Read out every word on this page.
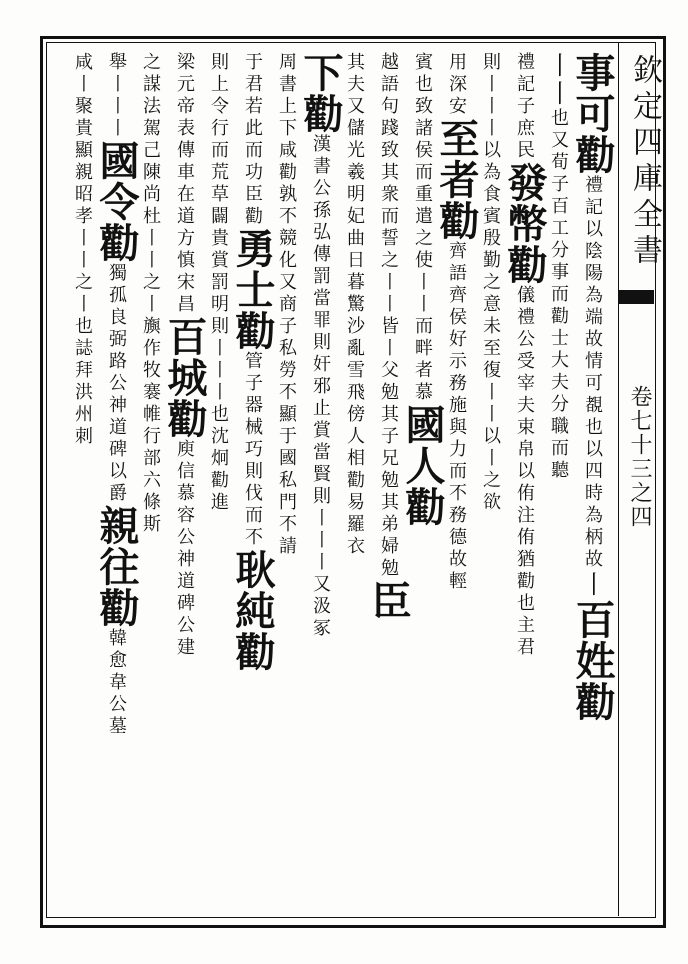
欽定四庫全書
卷七十三之四
事可勸禮記以陰陽為端故情可覩也以四時為柄故丨百姓勸
丨丨也又荀子百工分事而勸士大夫分職而聽
禮記子庶民發幣勸儀禮公受宰夫束帛以侑注侑猶勸也主君
則丨丨丨以為食賓殷勤之意未至復丨丨以丨之欲
用深安至者勸齊語齊侯好示務施與力而不務德故輕
賓也致諸侯而重遣之使丨丨而畔者慕國人勸
越語句踐致其衆而誓之丨丨皆丨父勉其子兄勉其弟婦勉臣
其夫又儲光羲明妃曲日暮驚沙亂雪飛傍人相勸易羅衣
下勸漢書公孫弘傳罰當罪則奸邪止賞當賢則丨丨丨又汲冢
周書上下咸勸孰不競化又商子私勞不顯于國私門不請
于君若此而功臣勸勇士勸管子器械巧則伐而不耿純勸
則上令行而荒草闢貴賞罰明則丨丨丨也沈炯勸進
梁元帝表傳車在道方慎宋昌百城勸庾信慕容公神道碑公建
之謀法駕己陳尚杜丨丨之丨旟作牧褰帷行部六條斯
舉丨丨丨國令勸獨孤良弼路公神道碑以爵親往勸韓愈韋公墓
咸丨聚貴顯親昭孝丨丨之丨也誌拜洪州刺
